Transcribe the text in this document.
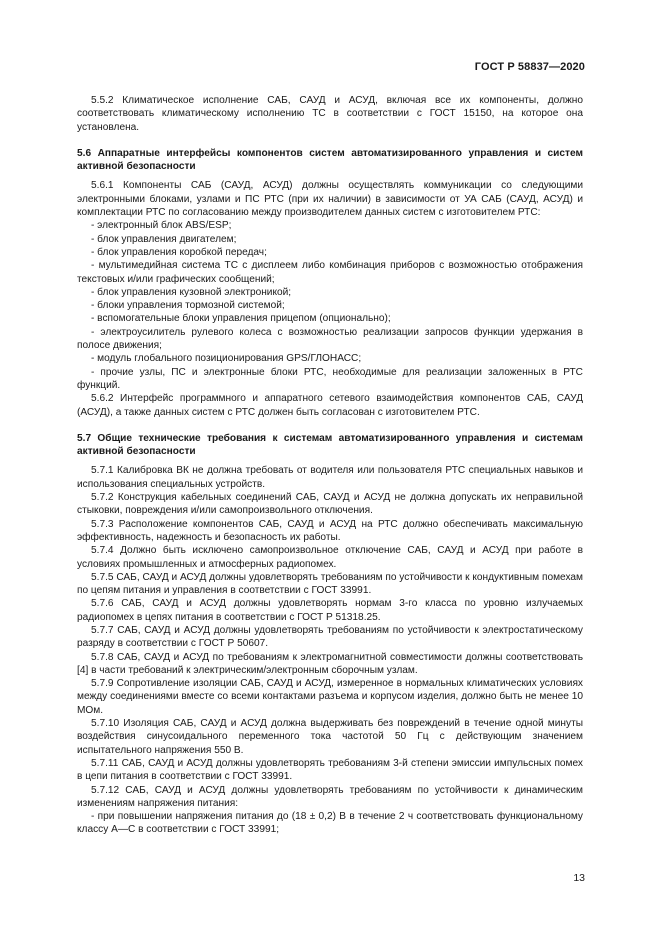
ГОСТ Р 58837—2020

5.5.2 Климатическое исполнение САБ, САУД и АСУД, включая все их компоненты, должно соответствовать климатическому исполнению ТС в соответствии с ГОСТ 15150, на которое она установлена.

5.6 Аппаратные интерфейсы компонентов систем автоматизированного управления и систем активной безопасности

5.6.1 Компоненты САБ (САУД, АСУД) должны осуществлять коммуникации со следующими электронными блоками, узлами и ПС РТС (при их наличии) в зависимости от УА САБ (САУД, АСУД) и комплектации РТС по согласованию между производителем данных систем с изготовителем РТС:

- электронный блок ABS/ESP;

- блок управления двигателем;

- блок управления коробкой передач;

- мультимедийная система ТС с дисплеем либо комбинация приборов с возможностью отображения текстовых и/или графических сообщений;

- блок управления кузовной электроникой;

- блоки управления тормозной системой;

- вспомогательные блоки управления прицепом (опционально);

- электроусилитель рулевого колеса с возможностью реализации запросов функции удержания в полосе движения;

- модуль глобального позиционирования GPS/ГЛОНАСС;

- прочие узлы, ПС и электронные блоки РТС, необходимые для реализации заложенных в РТС функций.

5.6.2 Интерфейс программного и аппаратного сетевого взаимодействия компонентов САБ, САУД (АСУД), а также данных систем с РТС должен быть согласован с изготовителем РТС.

5.7 Общие технические требования к системам автоматизированного управления и системам активной безопасности

5.7.1 Калибровка ВК не должна требовать от водителя или пользователя РТС специальных навыков и использования специальных устройств.

5.7.2 Конструкция кабельных соединений САБ, САУД и АСУД не должна допускать их неправильной стыковки, повреждения и/или самопроизвольного отключения.

5.7.3 Расположение компонентов САБ, САУД и АСУД на РТС должно обеспечивать максимальную эффективность, надежность и безопасность их работы.

5.7.4 Должно быть исключено самопроизвольное отключение САБ, САУД и АСУД при работе в условиях промышленных и атмосферных радиопомех.

5.7.5 САБ, САУД и АСУД должны удовлетворять требованиям по устойчивости к кондуктивным помехам по цепям питания и управления в соответствии с ГОСТ 33991.

5.7.6 САБ, САУД и АСУД должны удовлетворять нормам 3-го класса по уровню излучаемых радиопомех в цепях питания в соответствии с ГОСТ Р 51318.25.

5.7.7 САБ, САУД и АСУД должны удовлетворять требованиям по устойчивости к электростатическому разряду в соответствии с ГОСТ Р 50607.

5.7.8 САБ, САУД и АСУД по требованиям к электромагнитной совместимости должны соответствовать [4] в части требований к электрическим/электронным сборочным узлам.

5.7.9 Сопротивление изоляции САБ, САУД и АСУД, измеренное в нормальных климатических условиях между соединениями вместе со всеми контактами разъема и корпусом изделия, должно быть не менее 10 МОм.

5.7.10 Изоляция САБ, САУД и АСУД должна выдерживать без повреждений в течение одной минуты воздействия синусоидального переменного тока частотой 50 Гц с действующим значением испытательного напряжения 550 В.

5.7.11 САБ, САУД и АСУД должны удовлетворять требованиям 3-й степени эмиссии импульсных помех в цепи питания в соответствии с ГОСТ 33991.

5.7.12 САБ, САУД и АСУД должны удовлетворять требованиям по устойчивости к динамическим изменениям напряжения питания:

- при повышении напряжения питания до (18 ± 0,2) В в течение 2 ч соответствовать функциональному классу А—С в соответствии с ГОСТ 33991;

13
